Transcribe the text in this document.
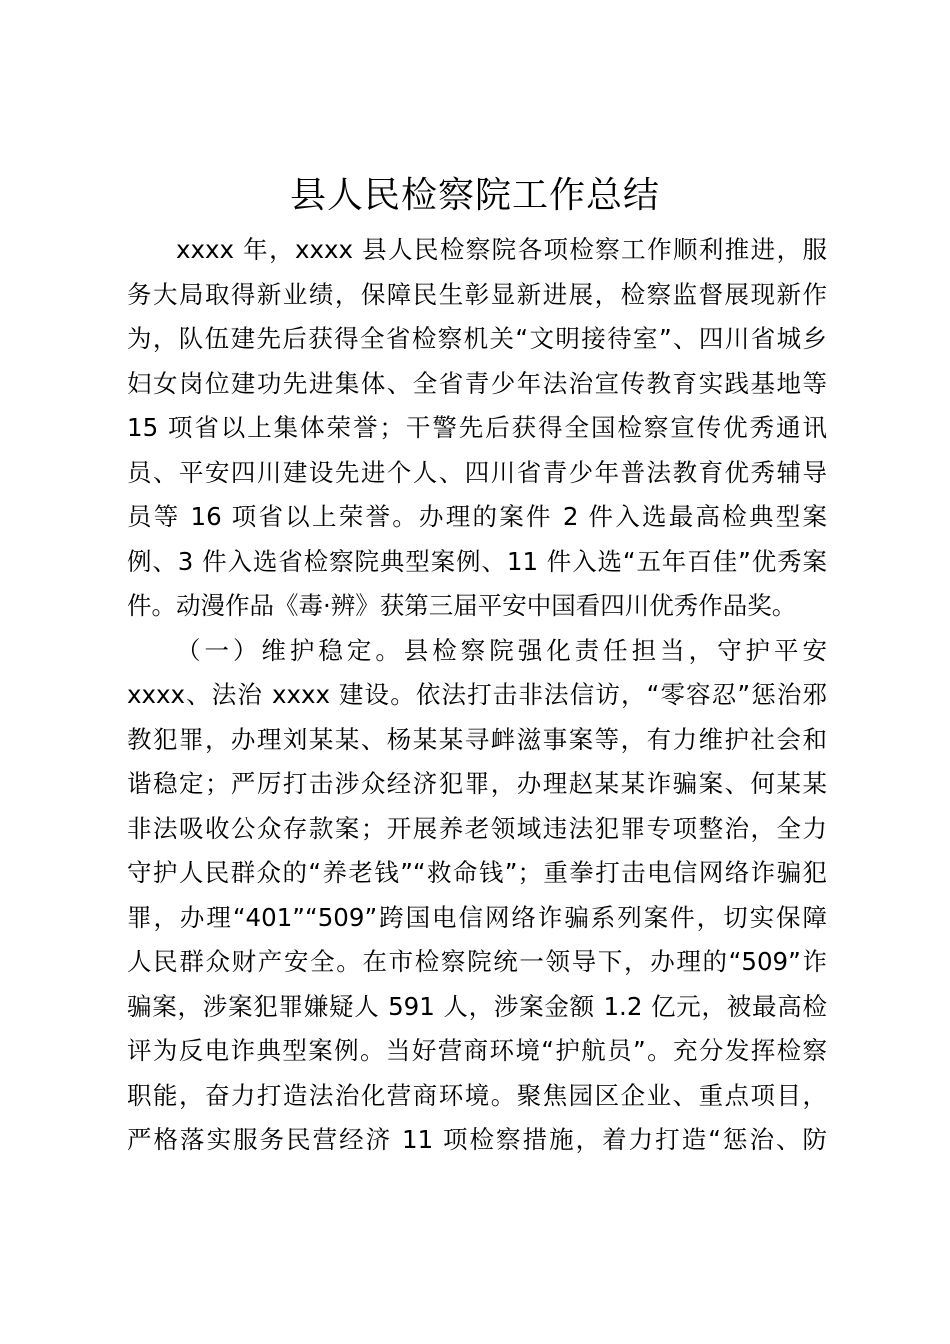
县人民检察院工作总结
xxxx 年，xxxx 县人民检察院各项检察工作顺利推进，服
务大局取得新业绩，保障民生彰显新进展，检察监督展现新作
为，队伍建先后获得全省检察机关“文明接待室”、四川省城乡
妇女岗位建功先进集体、全省青少年法治宣传教育实践基地等
15 项省以上集体荣誉；干警先后获得全国检察宣传优秀通讯
员、平安四川建设先进个人、四川省青少年普法教育优秀辅导
员等 16 项省以上荣誉。办理的案件 2 件入选最高检典型案
例、3 件入选省检察院典型案例、11 件入选“五年百佳”优秀案
件。动漫作品《毒·辨》获第三届平安中国看四川优秀作品奖。
（一）维护稳定。县检察院强化责任担当，守护平安
xxxx、法治 xxxx 建设。依法打击非法信访，“零容忍”惩治邪
教犯罪，办理刘某某、杨某某寻衅滋事案等，有力维护社会和
谐稳定；严厉打击涉众经济犯罪，办理赵某某诈骗案、何某某
非法吸收公众存款案；开展养老领域违法犯罪专项整治，全力
守护人民群众的“养老钱”“救命钱”；重拳打击电信网络诈骗犯
罪，办理“401”“509”跨国电信网络诈骗系列案件，切实保障
人民群众财产安全。在市检察院统一领导下，办理的“509”诈
骗案，涉案犯罪嫌疑人 591 人，涉案金额 1.2 亿元，被最高检
评为反电诈典型案例。当好营商环境“护航员”。充分发挥检察
职能，奋力打造法治化营商环境。聚焦园区企业、重点项目，
严格落实服务民营经济 11 项检察措施，着力打造“惩治、防
